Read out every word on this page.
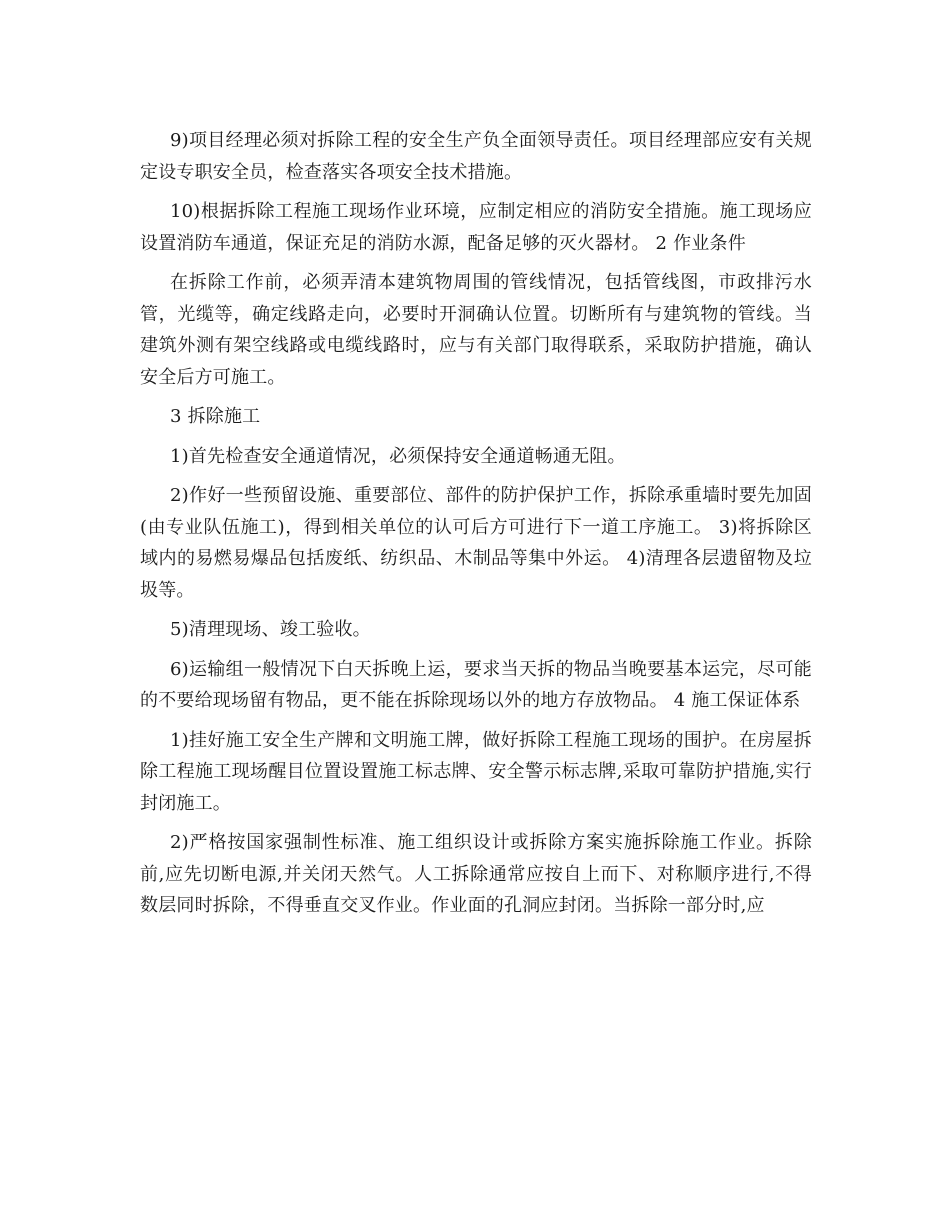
9)项目经理必须对拆除工程的安全生产负全面领导责任。项目经理部应安有关规定设专职安全员，检查落实各项安全技术措施。

10)根据拆除工程施工现场作业环境，应制定相应的消防安全措施。施工现场应设置消防车通道，保证充足的消防水源，配备足够的灭火器材。 2 作业条件

在拆除工作前，必须弄清本建筑物周围的管线情况，包括管线图，市政排污水管，光缆等，确定线路走向，必要时开洞确认位置。切断所有与建筑物的管线。当建筑外测有架空线路或电缆线路时，应与有关部门取得联系，采取防护措施，确认安全后方可施工。

3 拆除施工

1)首先检查安全通道情况，必须保持安全通道畅通无阻。

2)作好一些预留设施、重要部位、部件的防护保护工作，拆除承重墙时要先加固(由专业队伍施工)，得到相关单位的认可后方可进行下一道工序施工。 3)将拆除区域内的易燃易爆品包括废纸、纺织品、木制品等集中外运。 4)清理各层遗留物及垃圾等。

5)清理现场、竣工验收。

6)运输组一般情况下白天拆晚上运，要求当天拆的物品当晚要基本运完，尽可能的不要给现场留有物品，更不能在拆除现场以外的地方存放物品。 4 施工保证体系

1)挂好施工安全生产牌和文明施工牌，做好拆除工程施工现场的围护。在房屋拆除工程施工现场醒目位置设置施工标志牌、安全警示标志牌,采取可靠防护措施,实行封闭施工。

2)严格按国家强制性标准、施工组织设计或拆除方案实施拆除施工作业。拆除前,应先切断电源,并关闭天然气。人工拆除通常应按自上而下、对称顺序进行,不得数层同时拆除，不得垂直交叉作业。作业面的孔洞应封闭。当拆除一部分时,应
